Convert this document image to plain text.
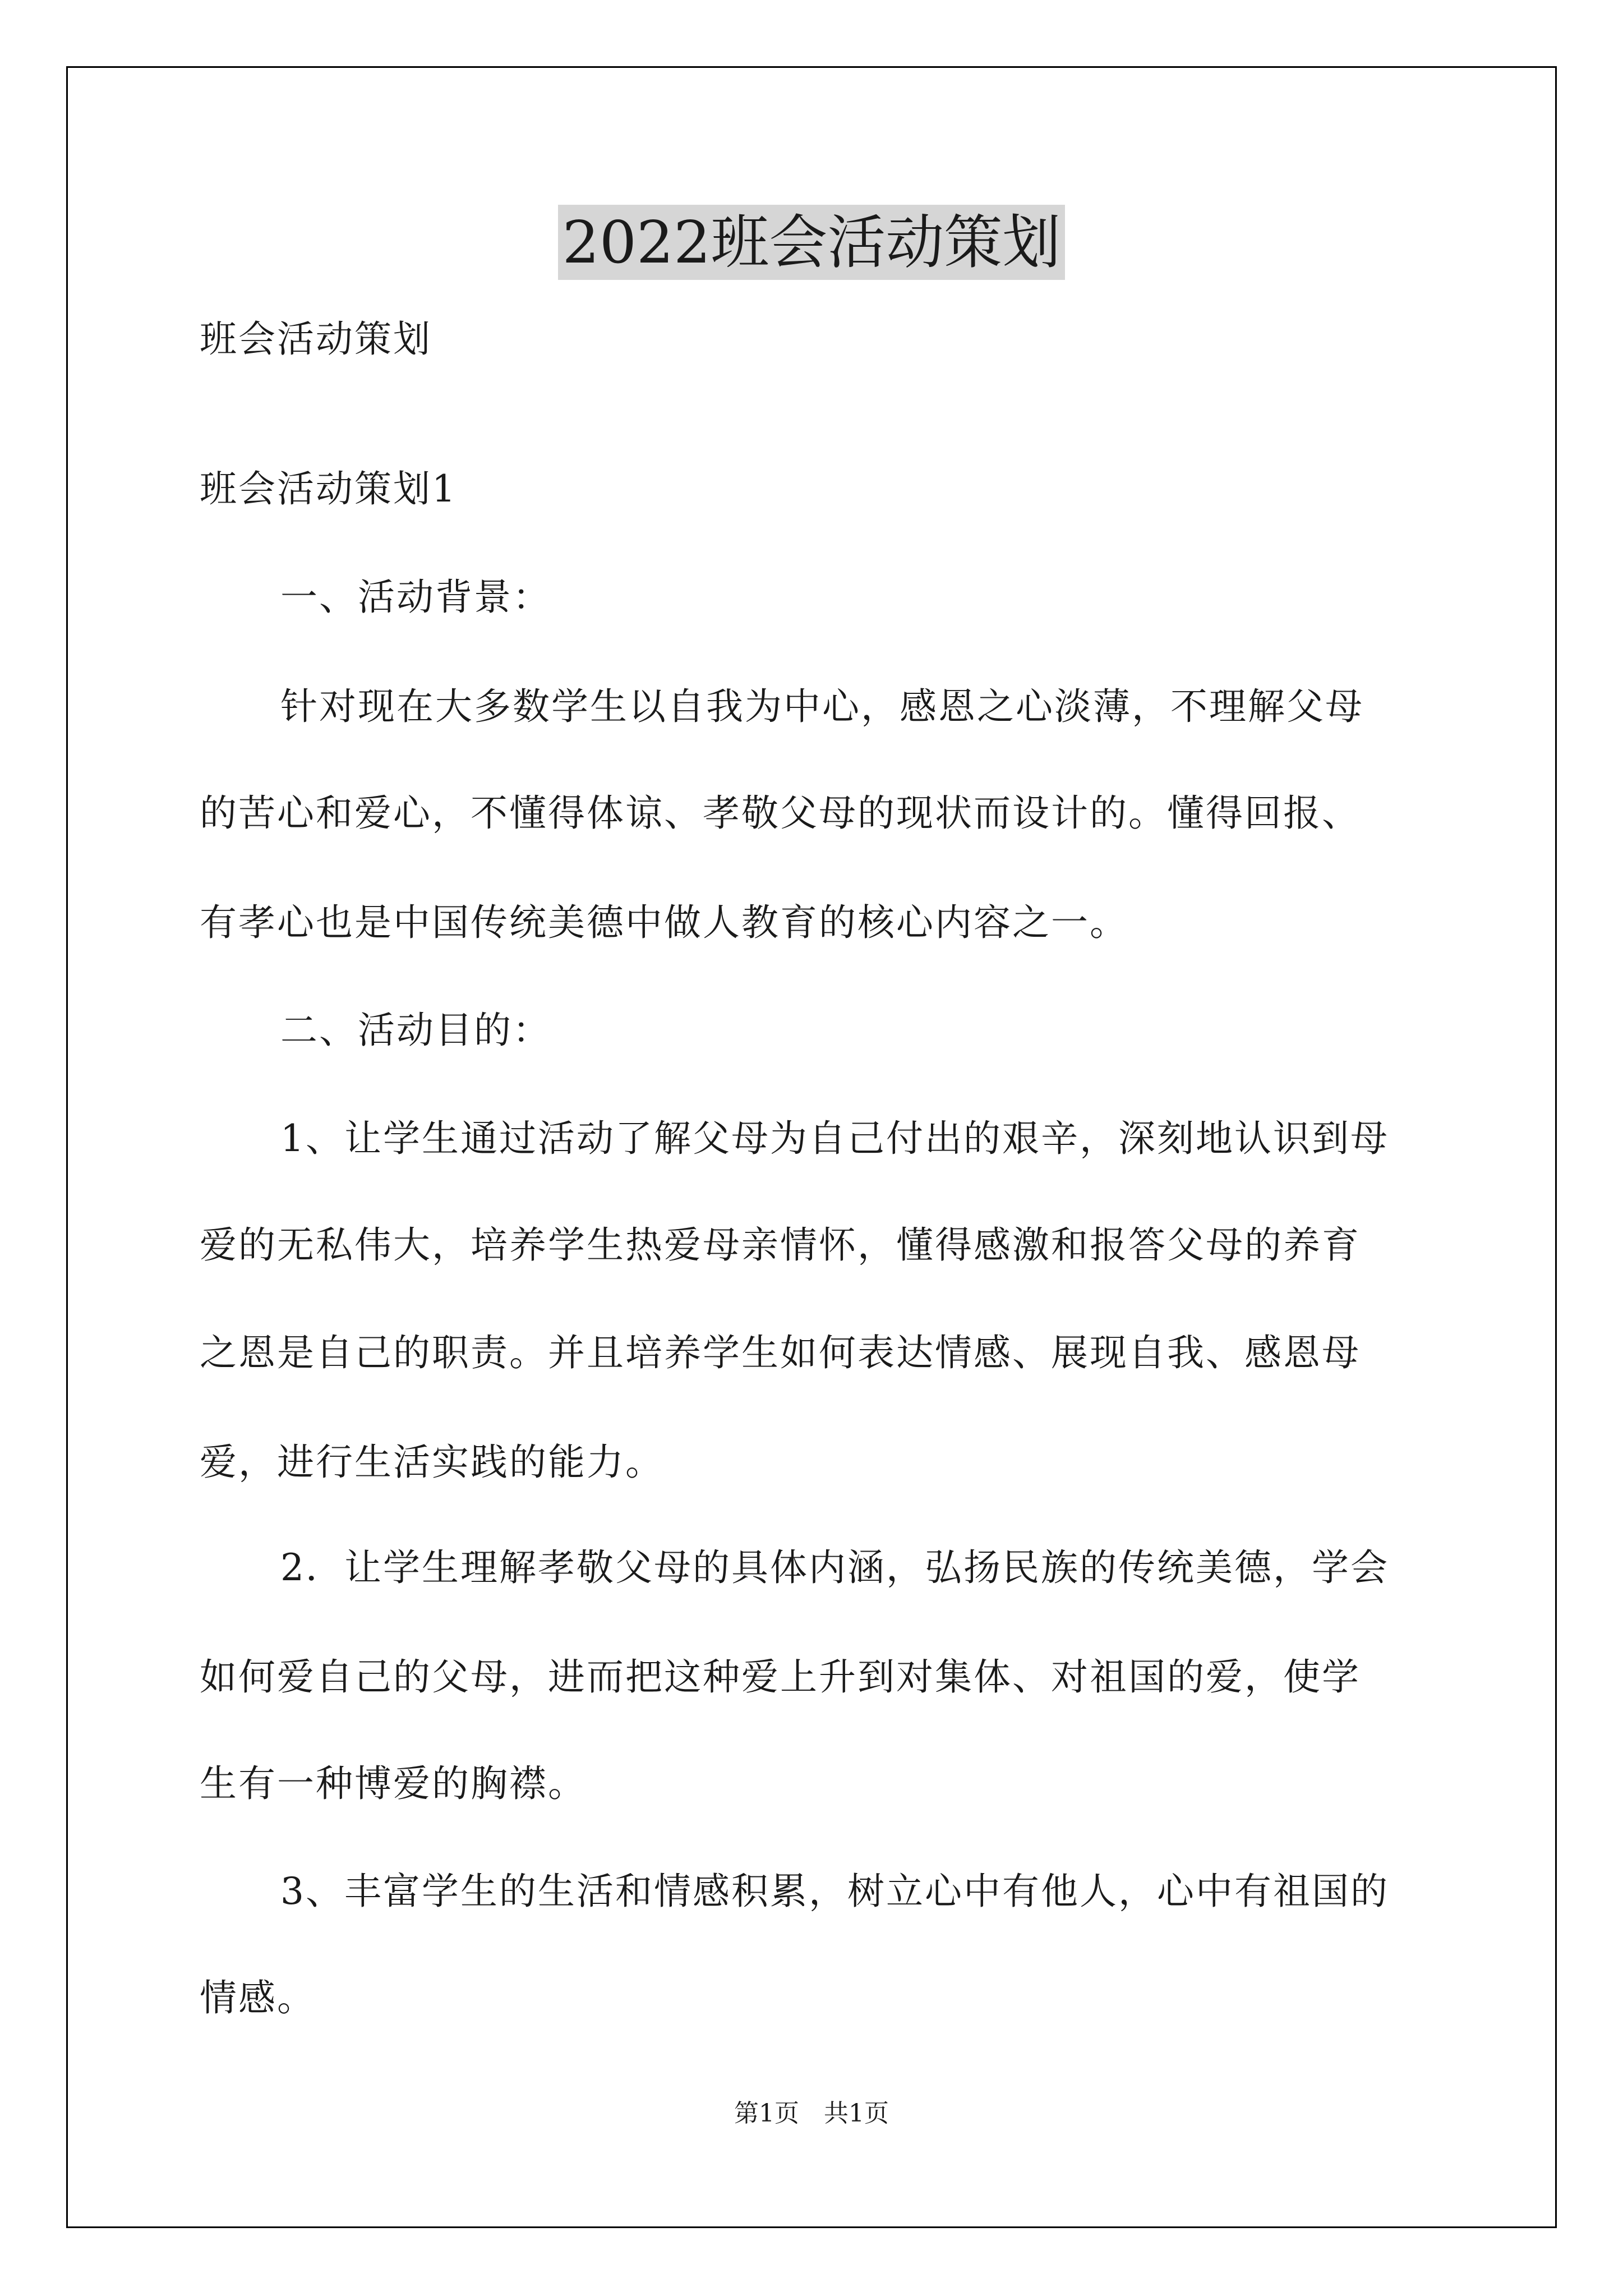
2022班会活动策划
班会活动策划
班会活动策划1
一、活动背景：
针对现在大多数学生以自我为中心，感恩之心淡薄，不理解父母
的苦心和爱心，不懂得体谅、孝敬父母的现状而设计的。懂得回报、
有孝心也是中国传统美德中做人教育的核心内容之一。
二、活动目的：
1、让学生通过活动了解父母为自己付出的艰辛，深刻地认识到母
爱的无私伟大，培养学生热爱母亲情怀，懂得感激和报答父母的养育
之恩是自己的职责。并且培养学生如何表达情感、展现自我、感恩母
爱，进行生活实践的能力。
2．让学生理解孝敬父母的具体内涵，弘扬民族的传统美德，学会
如何爱自己的父母，进而把这种爱上升到对集体、对祖国的爱，使学
生有一种博爱的胸襟。
3、丰富学生的生活和情感积累，树立心中有他人，心中有祖国的
情感。
第1页　共1页
